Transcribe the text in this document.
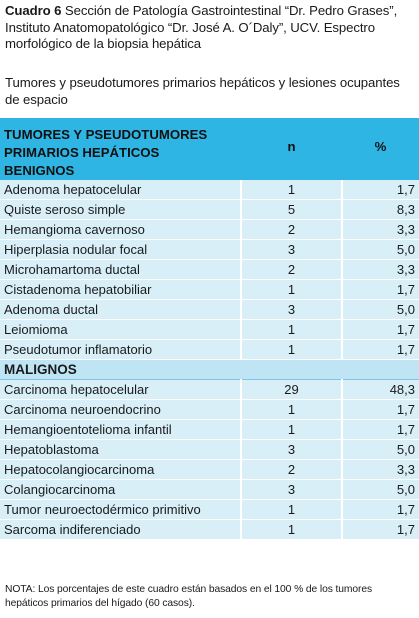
Cuadro 6 Sección de Patología Gastrointestinal “Dr. Pedro Grases”, Instituto Anatomopatológico “Dr. José A. O´Daly”, UCV. Espectro morfológico de la biopsia hepática
Tumores y pseudotumores primarios hepáticos y lesiones ocupantes de espacio
TUMORES Y PSEUDOTUMORES PRIMARIOS HEPÁTICOS
BENIGNOS	n	%
Adenoma hepatocelular	1	1,7
Quiste seroso simple	5	8,3
Hemangioma cavernoso	2	3,3
Hiperplasia nodular focal	3	5,0
Microhamartoma ductal	2	3,3
Cistadenoma hepatobiliar	1	1,7
Adenoma ductal	3	5,0
Leiomioma	1	1,7
Pseudotumor inflamatorio	1	1,7
MALIGNOS		
Carcinoma hepatocelular	29	48,3
Carcinoma neuroendocrino	1	1,7
Hemangioentotelioma infantil	1	1,7
Hepatoblastoma	3	5,0
Hepatocolangiocarcinoma	2	3,3
Colangiocarcinoma	3	5,0
Tumor neuroectodérmico primitivo	1	1,7
Sarcoma indiferenciado	1	1,7
NOTA: Los porcentajes de este cuadro están basados en el 100 % de los tumores hepáticos primarios del hígado (60 casos).
